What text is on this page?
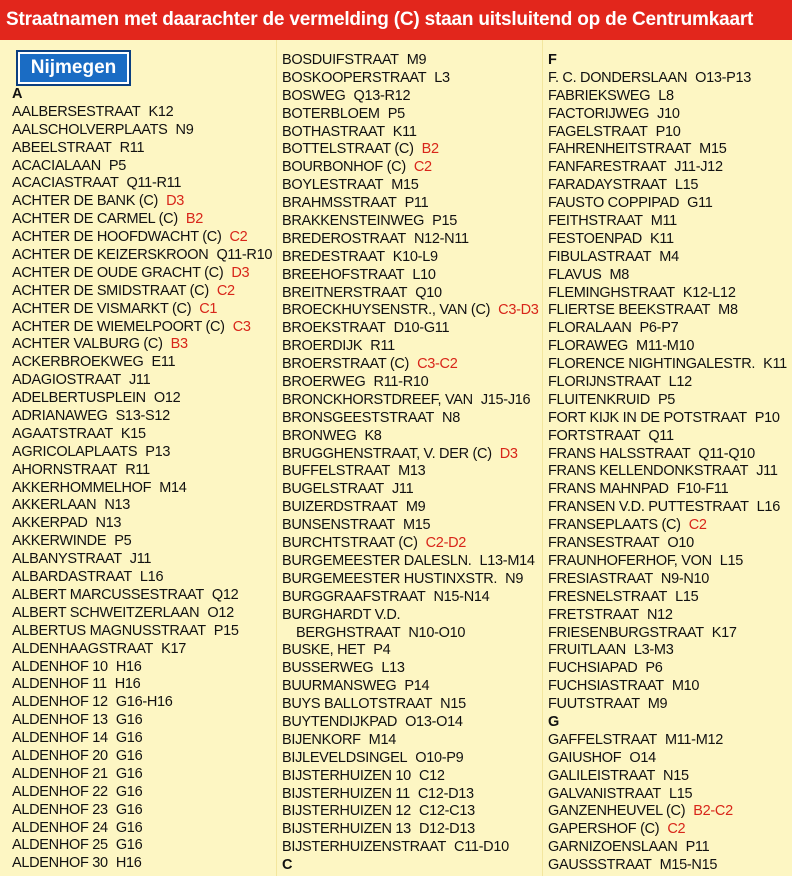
Straatnamen met daarachter de vermelding (C) staan uitsluitend op de Centrumkaart
Nijmegen
A
AALBERSESTRAAT K12
AALSCHOLVERPLAATS N9
ABEELSTRAAT R11
ACACIALAAN P5
ACACIASTRAAT Q11-R11
ACHTER DE BANK (C) D3
ACHTER DE CARMEL (C) B2
ACHTER DE HOOFDWACHT (C) C2
ACHTER DE KEIZERSKROON Q11-R10
ACHTER DE OUDE GRACHT (C) D3
ACHTER DE SMIDSTRAAT (C) C2
ACHTER DE VISMARKT (C) C1
ACHTER DE WIEMELPOORT (C) C3
ACHTER VALBURG (C) B3
ACKERBROEKWEG E11
ADAGIOSTRAAT J11
ADELBERTUSPLEIN O12
ADRIANAWEG S13-S12
AGAATSTRAAT K15
AGRICOLAPLAATS P13
AHORNSTRAAT R11
AKKERHOMMELHOF M14
AKKERLAAN N13
AKKERPAD N13
AKKERWINDE P5
ALBANYSTRAAT J11
ALBARDASTRAAT L16
ALBERT MARCUSSESTRAAT Q12
ALBERT SCHWEITZERLAAN O12
ALBERTUS MAGNUSSTRAAT P15
ALDENHAAGSTRAAT K17
ALDENHOF 10 H16
ALDENHOF 11 H16
ALDENHOF 12 G16-H16
ALDENHOF 13 G16
ALDENHOF 14 G16
ALDENHOF 20 G16
ALDENHOF 21 G16
ALDENHOF 22 G16
ALDENHOF 23 G16
ALDENHOF 24 G16
ALDENHOF 25 G16
ALDENHOF 30 H16
BOSDUIFSTRAAT M9
BOSKOOPERSTRAAT L3
BOSWEG Q13-R12
BOTERBLOEM P5
BOTHASTRAAT K11
BOTTELSTRAAT (C) B2
BOURBONHOF (C) C2
BOYLESTRAAT M15
BRAHMSSTRAAT P11
BRAKKENSTEINWEG P15
BREDEROSTRAAT N12-N11
BREDESTRAAT K10-L9
BREEHOFSTRAAT L10
BREITNERSTRAAT Q10
BROECKHUYSENSTR., VAN (C) C3-D3
BROEKSTRAAT D10-G11
BROERDIJK R11
BROERSTRAAT (C) C3-C2
BROERWEG R11-R10
BRONCKHORSTDREEF, VAN J15-J16
BRONSGEESTSTRAAT N8
BRONWEG K8
BRUGGHENSTRAAT, V. DER (C) D3
BUFFELSTRAAT M13
BUGELSTRAAT J11
BUIZERDSTRAAT M9
BUNSENSTRAAT M15
BURCHTSTRAAT (C) C2-D2
BURGEMEESTER DALESLN. L13-M14
BURGEMEESTER HUSTINXSTR. N9
BURGGRAAFSTRAAT N15-N14
BURGHARDT V.D.
BERGHSTRAAT N10-O10
BUSKE, HET P4
BUSSERWEG L13
BUURMANSWEG P14
BUYS BALLOTSTRAAT N15
BUYTENDIJKPAD O13-O14
BIJENKORF M14
BIJLEVELDSINGEL O10-P9
BIJSTERHUIZEN 10 C12
BIJSTERHUIZEN 11 C12-D13
BIJSTERHUIZEN 12 C12-C13
BIJSTERHUIZEN 13 D12-D13
BIJSTERHUIZENSTRAAT C11-D10
C
F
F. C. DONDERSLAAN O13-P13
FABRIEKSWEG L8
FACTORIJWEG J10
FAGELSTRAAT P10
FAHRENHEITSTRAAT M15
FANFARESTRAAT J11-J12
FARADAYSTRAAT L15
FAUSTO COPPIPAD G11
FEITHSTRAAT M11
FESTOENPAD K11
FIBULASTRAAT M4
FLAVUS M8
FLEMINGHSTRAAT K12-L12
FLIERTSE BEEKSTRAAT M8
FLORALAAN P6-P7
FLORAWEG M11-M10
FLORENCE NIGHTINGALESTR. K11
FLORIJNSTRAAT L12
FLUITENKRUID P5
FORT KIJK IN DE POTSTRAAT P10
FORTSTRAAT Q11
FRANS HALSSTRAAT Q11-Q10
FRANS KELLENDONKSTRAAT J11
FRANS MAHNPAD F10-F11
FRANSEN V.D. PUTTESTRAAT L16
FRANSEPLAATS (C) C2
FRANSESTRAAT O10
FRAUNHOFERHOF, VON L15
FRESIASTRAAT N9-N10
FRESNELSTRAAT L15
FRETSTRAAT N12
FRIESENBURGSTRAAT K17
FRUITLAAN L3-M3
FUCHSIAPAD P6
FUCHSIASTRAAT M10
FUUTSTRAAT M9
G
GAFFELSTRAAT M11-M12
GAIUSHOF O14
GALILEISTRAAT N15
GALVANISTRAAT L15
GANZENHEUVEL (C) B2-C2
GAPERSHOF (C) C2
GARNIZOENSLAAN P11
GAUSSSTRAAT M15-N15
